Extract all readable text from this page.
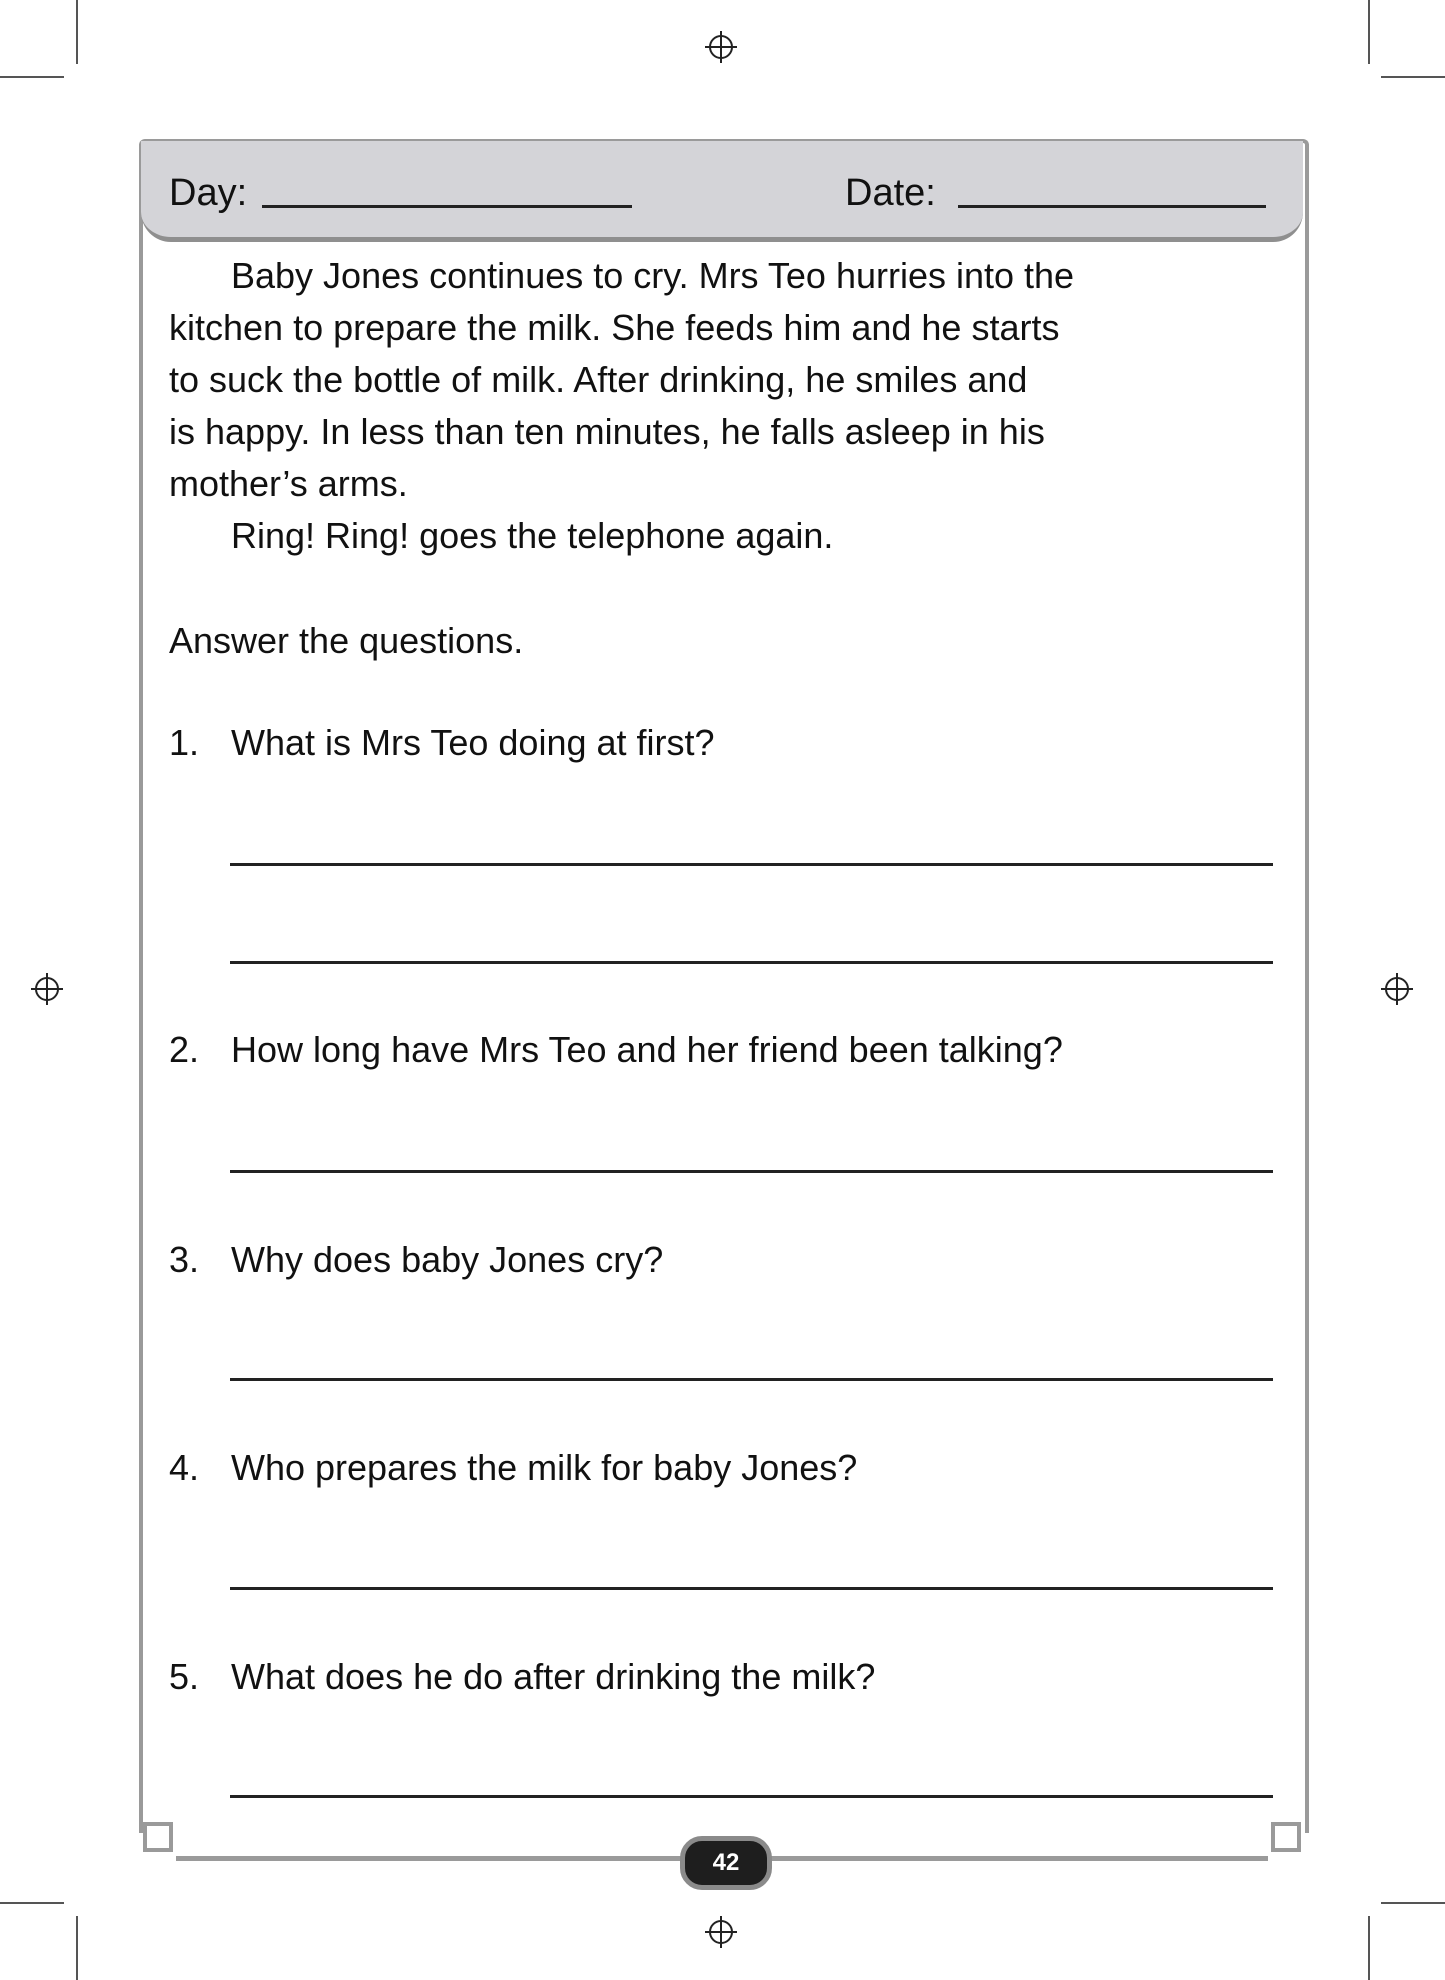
Day:	Date:
Baby Jones continues to cry. Mrs Teo hurries into the
kitchen to prepare the milk. She feeds him and he starts
to suck the bottle of milk. After drinking, he smiles and
is happy. In less than ten minutes, he falls asleep in his
mother’s arms.
Ring! Ring! goes the telephone again.
Answer the questions.
1. What is Mrs Teo doing at first?
2. How long have Mrs Teo and her friend been talking?
3. Why does baby Jones cry?
4. Who prepares the milk for baby Jones?
5. What does he do after drinking the milk?
42
